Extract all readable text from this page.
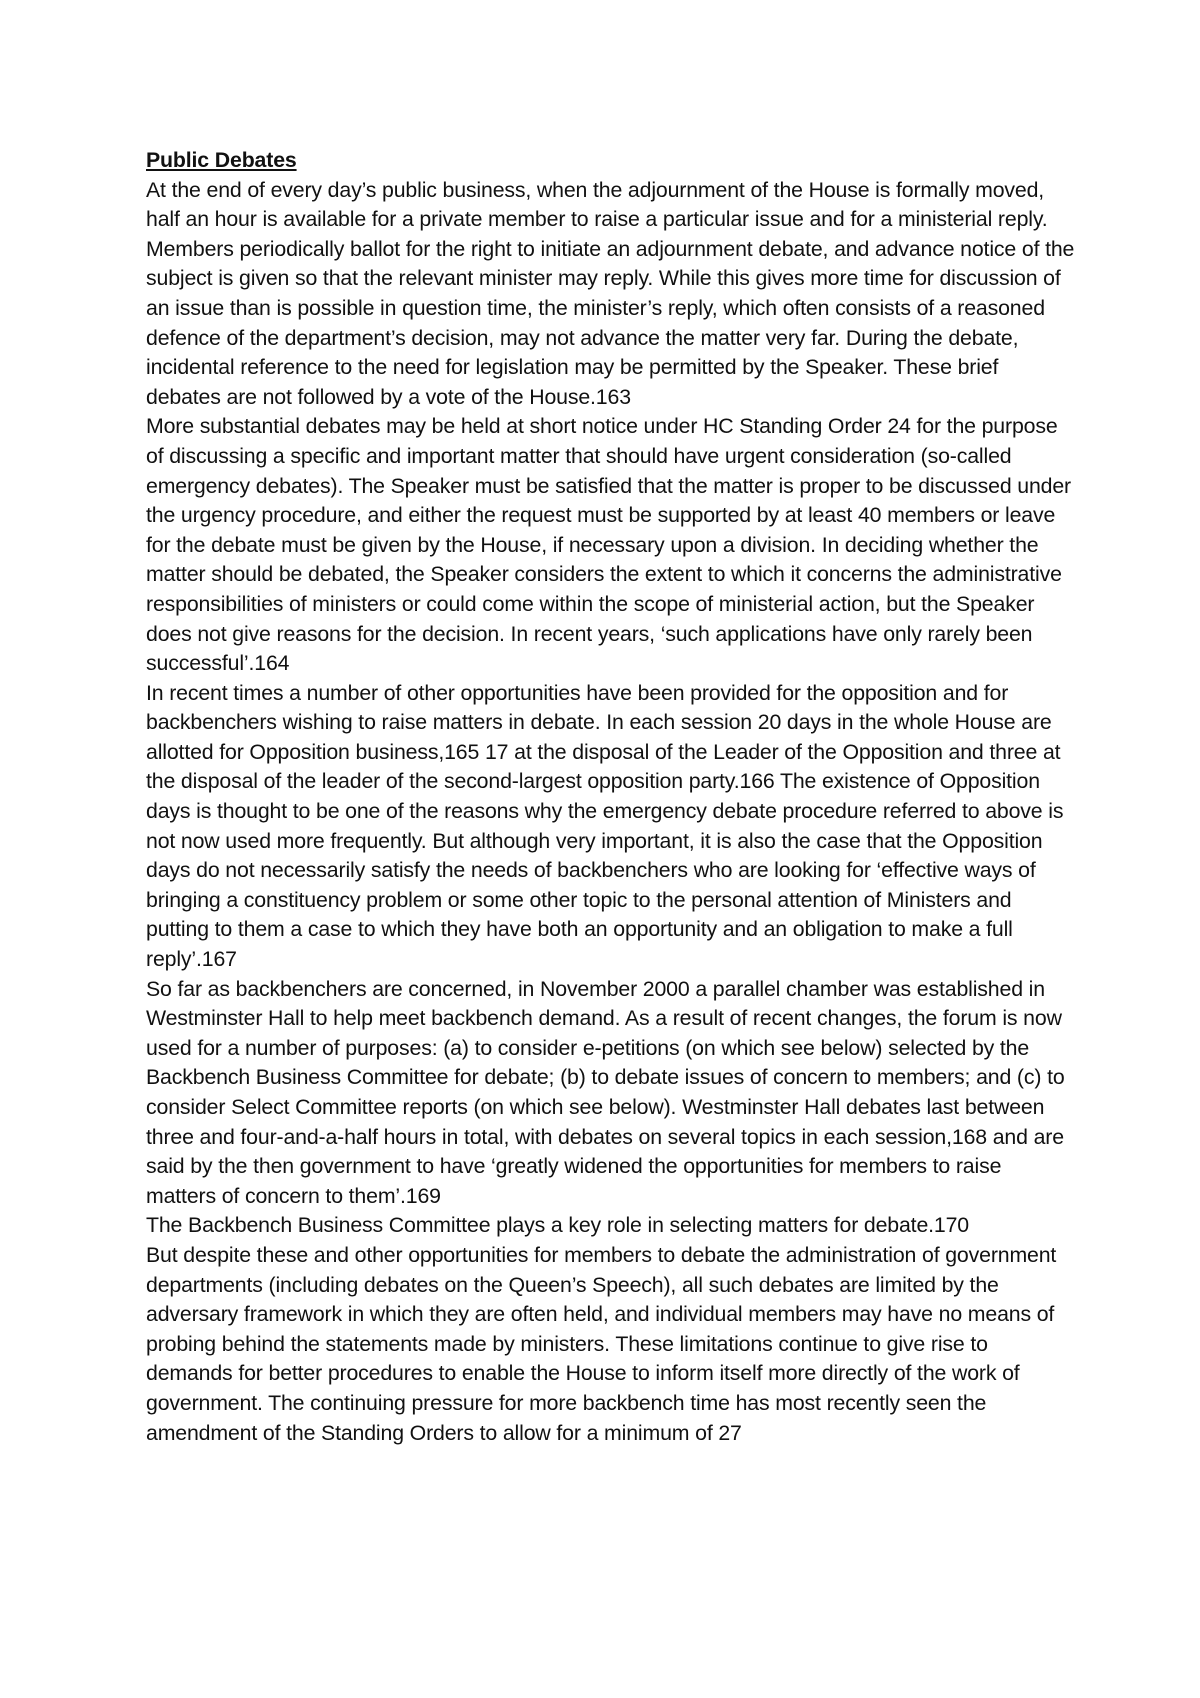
Public Debates

At the end of every day’s public business, when the adjournment of the House is formally moved, half an hour is available for a private member to raise a particular issue and for a ministerial reply. Members periodically ballot for the right to initiate an adjournment debate, and advance notice of the subject is given so that the relevant minister may reply. While this gives more time for discussion of an issue than is possible in question time, the minister’s reply, which often consists of a reasoned defence of the department’s decision, may not advance the matter very far. During the debate, incidental reference to the need for legislation may be permitted by the Speaker. These brief debates are not followed by a vote of the House.163

More substantial debates may be held at short notice under HC Standing Order 24 for the purpose of discussing a specific and important matter that should have urgent consideration (so-called emergency debates). The Speaker must be satisfied that the matter is proper to be discussed under the urgency procedure, and either the request must be supported by at least 40 members or leave for the debate must be given by the House, if necessary upon a division. In deciding whether the matter should be debated, the Speaker considers the extent to which it concerns the administrative responsibilities of ministers or could come within the scope of ministerial action, but the Speaker does not give reasons for the decision. In recent years, ‘such applications have only rarely been successful’.164

In recent times a number of other opportunities have been provided for the opposition and for backbenchers wishing to raise matters in debate. In each session 20 days in the whole House are allotted for Opposition business,165 17 at the disposal of the Leader of the Opposition and three at the disposal of the leader of the second-largest opposition party.166 The existence of Opposition days is thought to be one of the reasons why the emergency debate procedure referred to above is not now used more frequently. But although very important, it is also the case that the Opposition days do not necessarily satisfy the needs of backbenchers who are looking for ‘effective ways of bringing a constituency problem or some other topic to the personal attention of Ministers and putting to them a case to which they have both an opportunity and an obligation to make a full reply’.167

So far as backbenchers are concerned, in November 2000 a parallel chamber was established in Westminster Hall to help meet backbench demand. As a result of recent changes, the forum is now used for a number of purposes: (a) to consider e-petitions (on which see below) selected by the Backbench Business Committee for debate; (b) to debate issues of concern to members; and (c) to consider Select Committee reports (on which see below). Westminster Hall debates last between three and four-and-a-half hours in total, with debates on several topics in each session,168 and are said by the then government to have ‘greatly widened the opportunities for members to raise matters of concern to them’.169

The Backbench Business Committee plays a key role in selecting matters for debate.170

But despite these and other opportunities for members to debate the administration of government departments (including debates on the Queen’s Speech), all such debates are limited by the adversary framework in which they are often held, and individual members may have no means of probing behind the statements made by ministers. These limitations continue to give rise to demands for better procedures to enable the House to inform itself more directly of the work of government. The continuing pressure for more backbench time has most recently seen the amendment of the Standing Orders to allow for a minimum of 27
